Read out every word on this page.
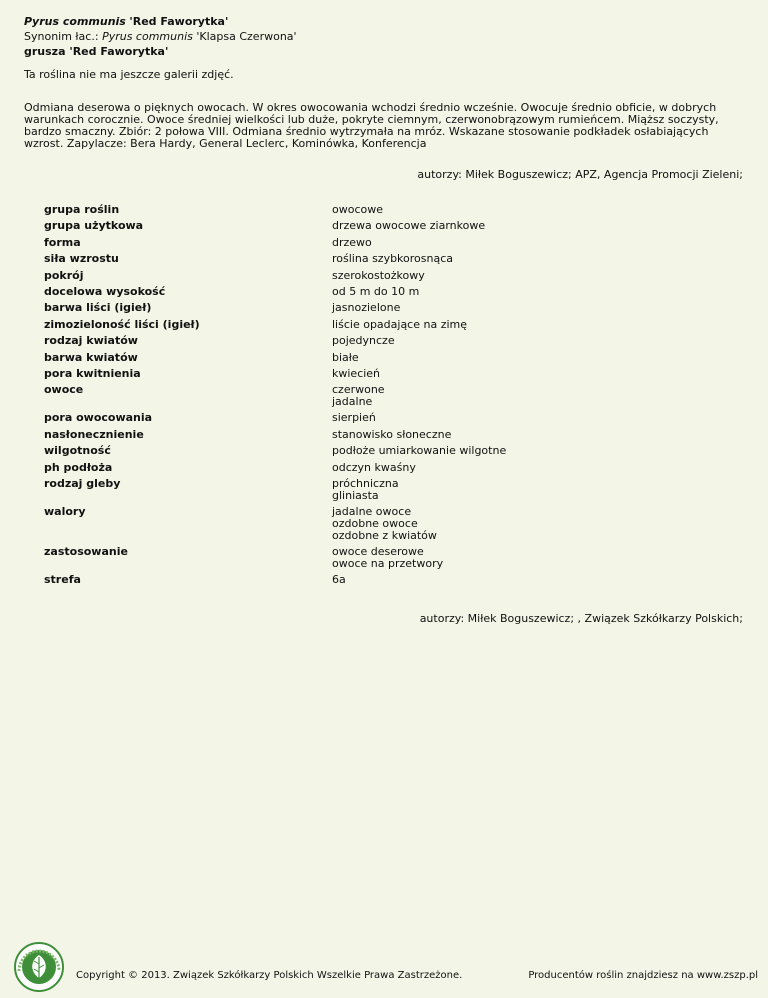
Pyrus communis 'Red Faworytka'
Synonim łac.: Pyrus communis 'Klapsa Czerwona'
grusza 'Red Faworytka'
Ta roślina nie ma jeszcze galerii zdjęć.
Odmiana deserowa o pięknych owocach. W okres owocowania wchodzi średnio wcześnie. Owocuje średnio obficie, w dobrych warunkach corocznie. Owoce średniej wielkości lub duże, pokryte ciemnym, czerwonobrązowym rumieńcem. Miąższ soczysty, bardzo smaczny. Zbiór: 2 połowa VIII. Odmiana średnio wytrzymała na mróz. Wskazane stosowanie podkładek osłabiających wzrost. Zapylacze: Bera Hardy, General Leclerc, Kominówka, Konferencja
autorzy: Miłek Boguszewicz; APZ, Agencja Promocji Zieleni;
grupa roślin	owocowe
grupa użytkowa	drzewa owocowe ziarnkowe
forma	drzewo
siła wzrostu	roślina szybkorosnąca
pokrój	szerokostożkowy
docelowa wysokość	od 5 m do 10 m
barwa liści (igieł)	jasnozielone
zimozieloność liści (igieł)	liście opadające na zimę
rodzaj kwiatów	pojedyncze
barwa kwiatów	białe
pora kwitnienia	kwiecień
owoce	czerwone
jadalne
pora owocowania	sierpień
nasłonecznienie	stanowisko słoneczne
wilgotność	podłoże umiarkowanie wilgotne
ph podłoża	odczyn kwaśny
rodzaj gleby	próchniczna
gliniasta
walory	jadalne owoce
ozdobne owoce
ozdobne z kwiatów
zastosowanie	owoce deserowe
owoce na przetwory
strefa	6a
autorzy: Miłek Boguszewicz; , Związek Szkółkarzy Polskich;
Copyright © 2013. Związek Szkółkarzy Polskich Wszelkie Prawa Zastrzeżone.	Producentów roślin znajdziesz na www.zszp.pl
